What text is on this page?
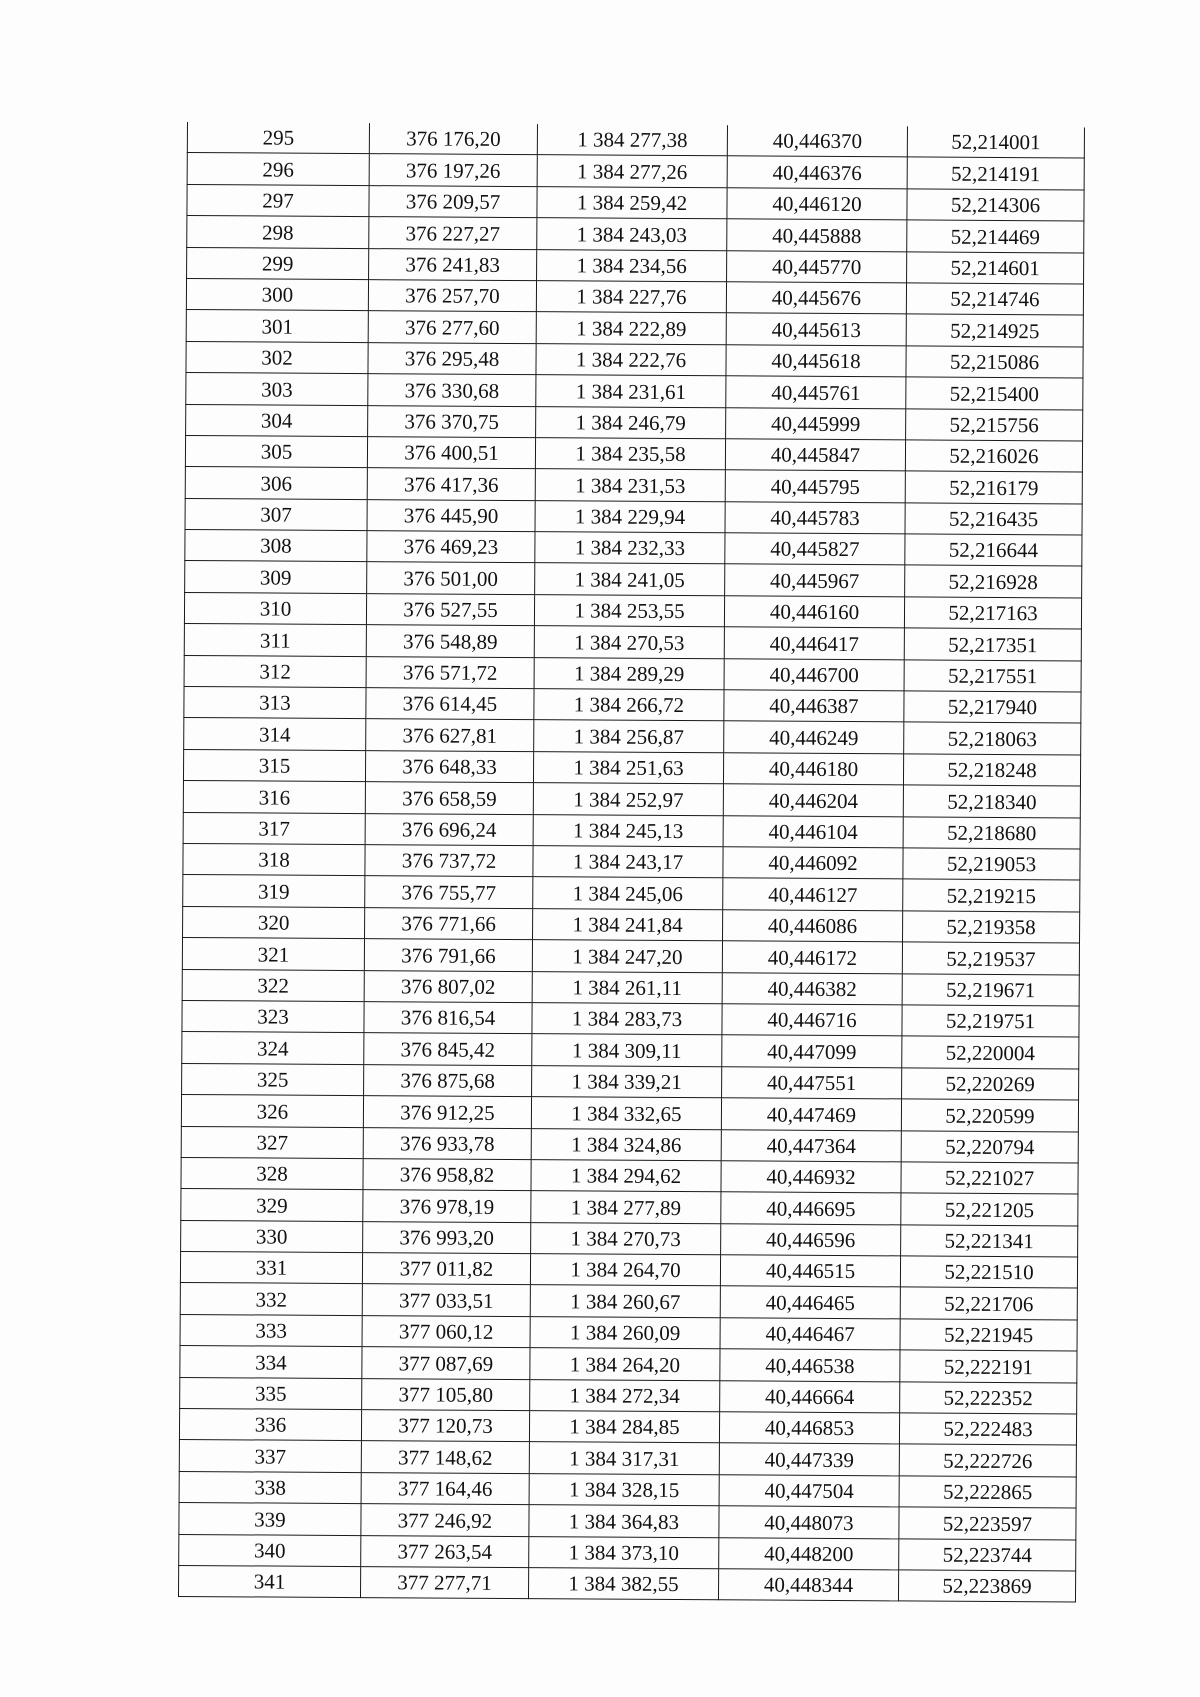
295	376 176,20	1 384 277,38	40,446370	52,214001
296	376 197,26	1 384 277,26	40,446376	52,214191
297	376 209,57	1 384 259,42	40,446120	52,214306
298	376 227,27	1 384 243,03	40,445888	52,214469
299	376 241,83	1 384 234,56	40,445770	52,214601
300	376 257,70	1 384 227,76	40,445676	52,214746
301	376 277,60	1 384 222,89	40,445613	52,214925
302	376 295,48	1 384 222,76	40,445618	52,215086
303	376 330,68	1 384 231,61	40,445761	52,215400
304	376 370,75	1 384 246,79	40,445999	52,215756
305	376 400,51	1 384 235,58	40,445847	52,216026
306	376 417,36	1 384 231,53	40,445795	52,216179
307	376 445,90	1 384 229,94	40,445783	52,216435
308	376 469,23	1 384 232,33	40,445827	52,216644
309	376 501,00	1 384 241,05	40,445967	52,216928
310	376 527,55	1 384 253,55	40,446160	52,217163
311	376 548,89	1 384 270,53	40,446417	52,217351
312	376 571,72	1 384 289,29	40,446700	52,217551
313	376 614,45	1 384 266,72	40,446387	52,217940
314	376 627,81	1 384 256,87	40,446249	52,218063
315	376 648,33	1 384 251,63	40,446180	52,218248
316	376 658,59	1 384 252,97	40,446204	52,218340
317	376 696,24	1 384 245,13	40,446104	52,218680
318	376 737,72	1 384 243,17	40,446092	52,219053
319	376 755,77	1 384 245,06	40,446127	52,219215
320	376 771,66	1 384 241,84	40,446086	52,219358
321	376 791,66	1 384 247,20	40,446172	52,219537
322	376 807,02	1 384 261,11	40,446382	52,219671
323	376 816,54	1 384 283,73	40,446716	52,219751
324	376 845,42	1 384 309,11	40,447099	52,220004
325	376 875,68	1 384 339,21	40,447551	52,220269
326	376 912,25	1 384 332,65	40,447469	52,220599
327	376 933,78	1 384 324,86	40,447364	52,220794
328	376 958,82	1 384 294,62	40,446932	52,221027
329	376 978,19	1 384 277,89	40,446695	52,221205
330	376 993,20	1 384 270,73	40,446596	52,221341
331	377 011,82	1 384 264,70	40,446515	52,221510
332	377 033,51	1 384 260,67	40,446465	52,221706
333	377 060,12	1 384 260,09	40,446467	52,221945
334	377 087,69	1 384 264,20	40,446538	52,222191
335	377 105,80	1 384 272,34	40,446664	52,222352
336	377 120,73	1 384 284,85	40,446853	52,222483
337	377 148,62	1 384 317,31	40,447339	52,222726
338	377 164,46	1 384 328,15	40,447504	52,222865
339	377 246,92	1 384 364,83	40,448073	52,223597
340	377 263,54	1 384 373,10	40,448200	52,223744
341	377 277,71	1 384 382,55	40,448344	52,223869
